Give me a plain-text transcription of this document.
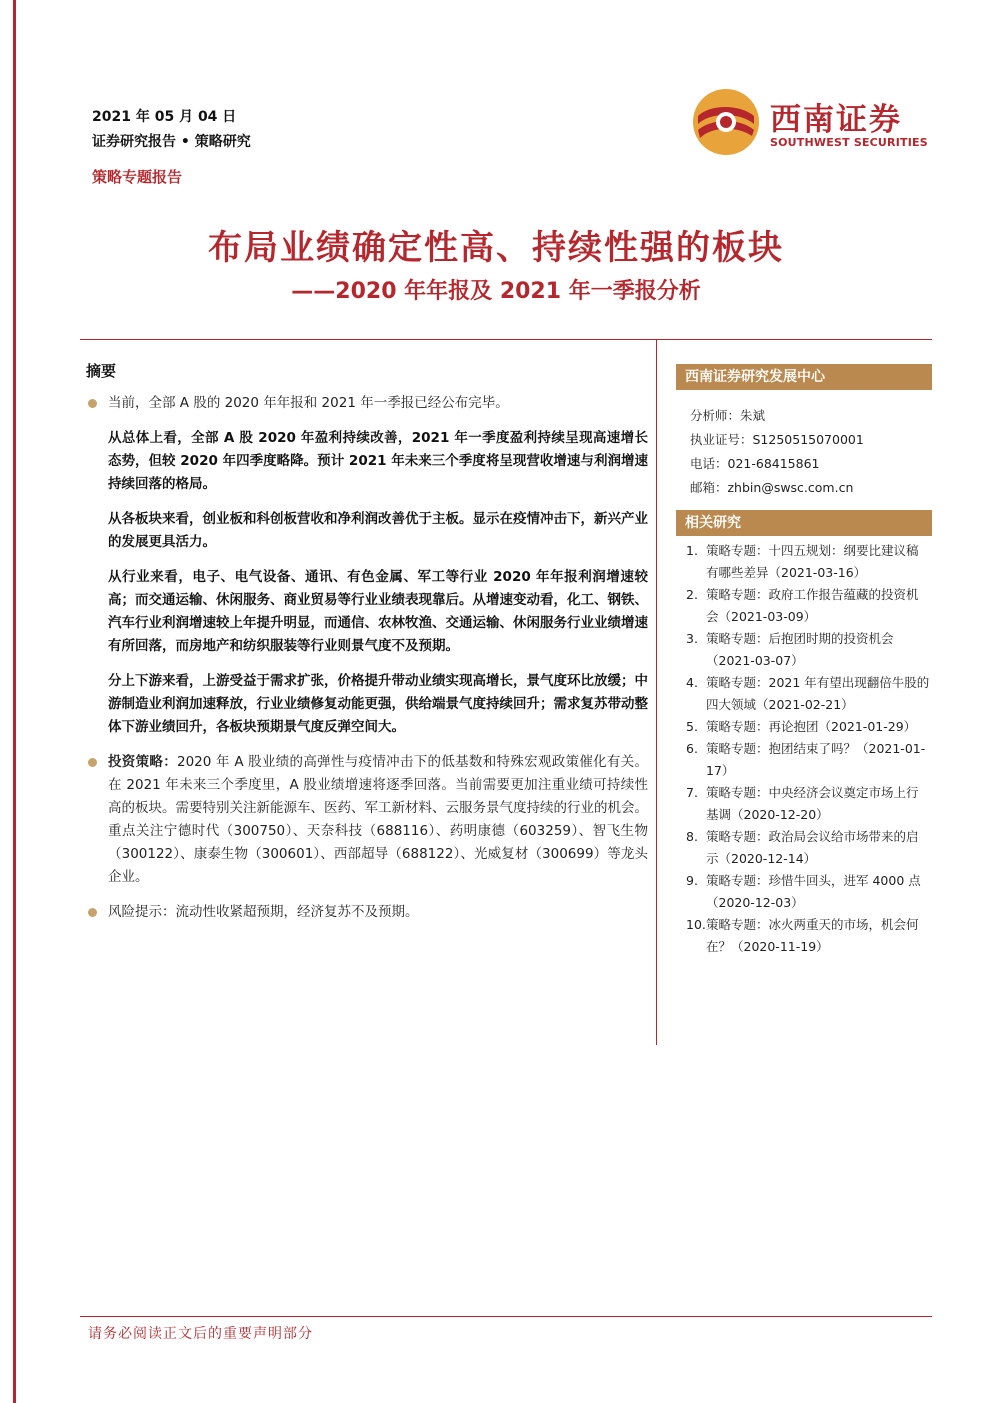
2021 年 05 月 04 日
证券研究报告 • 策略研究
策略专题报告
西南证券
SOUTHWEST SECURITIES
布局业绩确定性高、持续性强的板块
——2020 年年报及 2021 年一季报分析
摘要
当前，全部 A 股的 2020 年年报和 2021 年一季报已经公布完毕。
从总体上看，全部 A 股 2020 年盈利持续改善，2021 年一季度盈利持续呈现高速增长态势，但较 2020 年四季度略降。预计 2021 年未来三个季度将呈现营收增速与利润增速持续回落的格局。
从各板块来看，创业板和科创板营收和净利润改善优于主板。显示在疫情冲击下，新兴产业的发展更具活力。
从行业来看，电子、电气设备、通讯、有色金属、军工等行业 2020 年年报利润增速较高；而交通运输、休闲服务、商业贸易等行业业绩表现靠后。从增速变动看，化工、钢铁、汽车行业利润增速较上年提升明显，而通信、农林牧渔、交通运输、休闲服务行业业绩增速有所回落，而房地产和纺织服装等行业则景气度不及预期。
分上下游来看，上游受益于需求扩张，价格提升带动业绩实现高增长，景气度环比放缓；中游制造业利润加速释放，行业业绩修复动能更强，供给端景气度持续回升；需求复苏带动整体下游业绩回升，各板块预期景气度反弹空间大。
投资策略：2020 年 A 股业绩的高弹性与疫情冲击下的低基数和特殊宏观政策催化有关。在 2021 年未来三个季度里，A 股业绩增速将逐季回落。当前需要更加注重业绩可持续性高的板块。需要特别关注新能源车、医药、军工新材料、云服务景气度持续的行业的机会。重点关注宁德时代（300750）、天奈科技（688116）、药明康德（603259）、智飞生物（300122）、康泰生物（300601）、西部超导（688122）、光威复材（300699）等龙头企业。
风险提示：流动性收紧超预期，经济复苏不及预期。
西南证券研究发展中心
分析师：朱斌
执业证号：S1250515070001
电话：021-68415861
邮箱：zhbin@swsc.com.cn
相关研究
1. 策略专题：十四五规划：纲要比建议稿有哪些差异（2021-03-16）
2. 策略专题：政府工作报告蕴藏的投资机会（2021-03-09）
3. 策略专题：后抱团时期的投资机会（2021-03-07）
4. 策略专题：2021 年有望出现翻倍牛股的四大领域（2021-02-21）
5. 策略专题：再论抱团（2021-01-29）
6. 策略专题：抱团结束了吗？（2021-01-17）
7. 策略专题：中央经济会议奠定市场上行基调（2020-12-20）
8. 策略专题：政治局会议给市场带来的启示（2020-12-14）
9. 策略专题：珍惜牛回头，进军 4000 点（2020-12-03）
10. 策略专题：冰火两重天的市场，机会何在？（2020-11-19）
请务必阅读正文后的重要声明部分
